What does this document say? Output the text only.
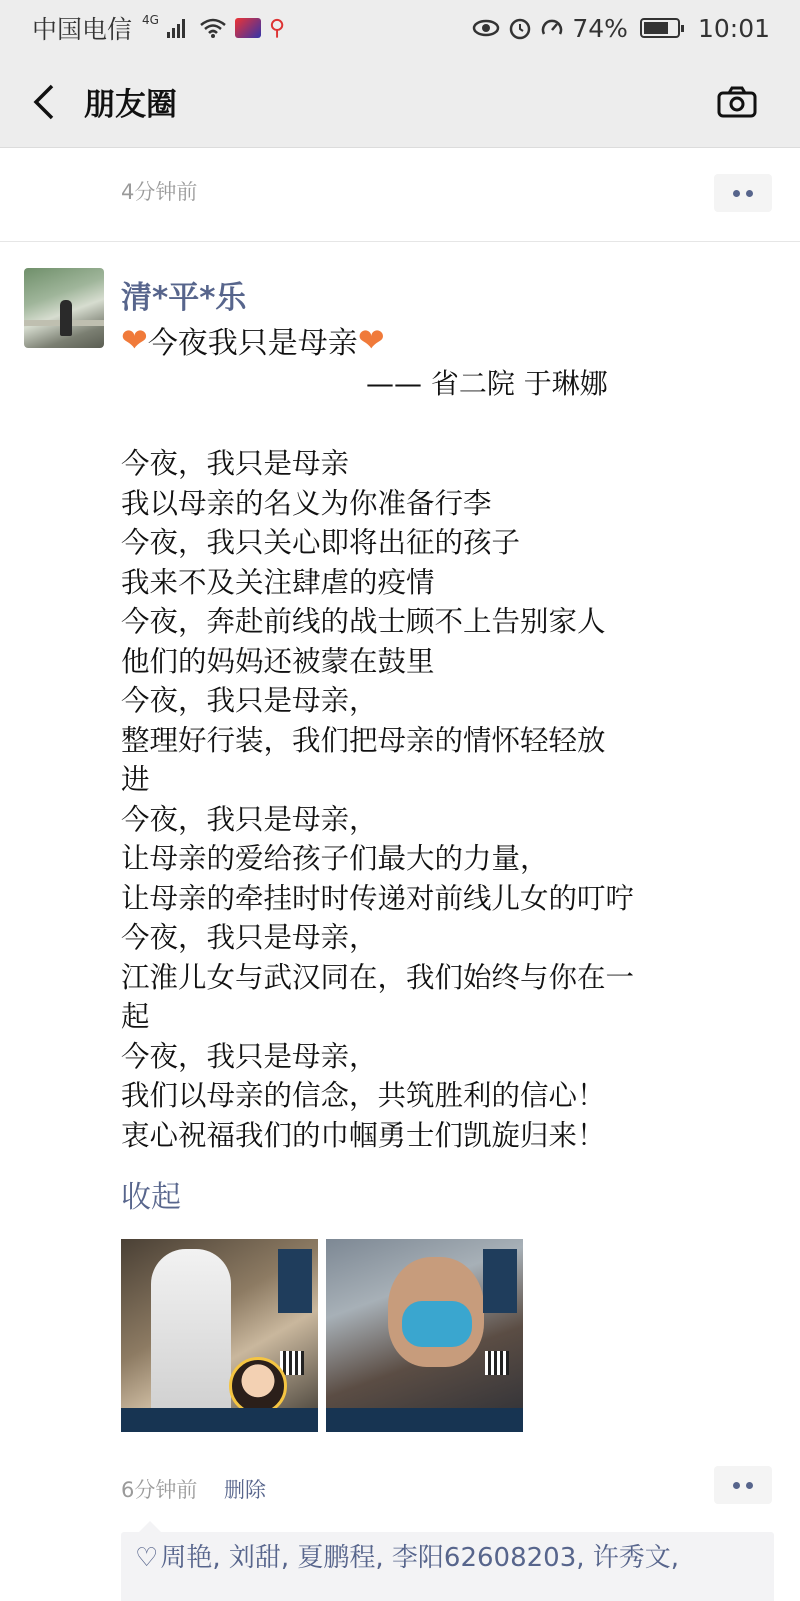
中国电信 4G	⚲	74%	10:01
朋友圈
4分钟前
清*平*乐
❤ 今夜我只是母亲 ❤
—— 省二院 于琳娜
今夜，我只是母亲
我以母亲的名义为你准备行李
今夜，我只关心即将出征的孩子
我来不及关注肆虐的疫情
今夜，奔赴前线的战士顾不上告别家人
他们的妈妈还被蒙在鼓里
今夜，我只是母亲，
整理好行装，我们把母亲的情怀轻轻放
进
今夜，我只是母亲，
让母亲的爱给孩子们最大的力量，
让母亲的牵挂时时传递对前线儿女的叮咛
今夜，我只是母亲，
江淮儿女与武汉同在，我们始终与你在一
起
今夜，我只是母亲，
我们以母亲的信念，共筑胜利的信心！
衷心祝福我们的巾帼勇士们凯旋归来！
收起
6分钟前 删除
♡周艳, 刘甜, 夏鹏程, 李阳62608203, 许秀文,
